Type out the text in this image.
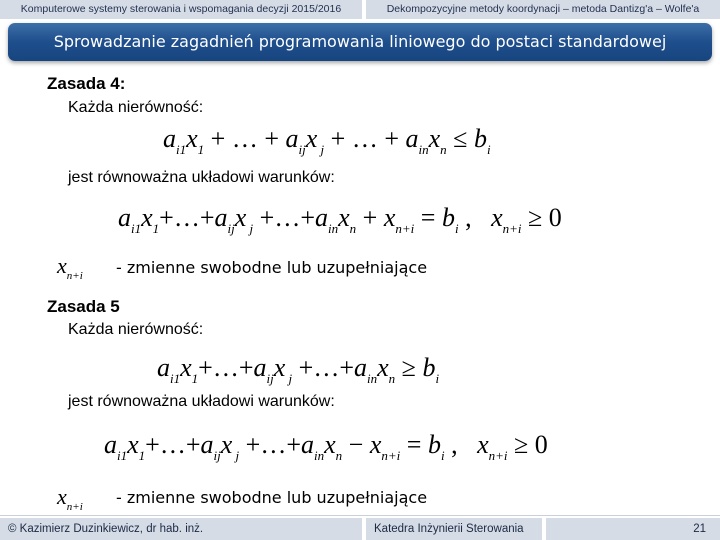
Komputerowe systemy sterowania i wspomagania decyzji 2015/2016	Dekompozycyjne metody koordynacji – metoda Dantizg'a – Wolfe'a
Sprowadzanie zagadnień programowania liniowego do postaci standardowej
Zasada 4:
Każda nierówność:
$a_{i1}x_1$ + … + $a_{ij}x$ $_j$ + … + $a_{in}x_n \le b_i$
jest równoważna układowi warunków:
$a_{i1}x_1+\dots+a_{ij}x$ $_j +\dots+a_{in}x_n + x_{n+i} = b_i$ ,   $x_{n+i} \ge 0$
$x_{n+i}$ - zmienne swobodne lub uzupełniające
Zasada 5
Każda nierówność:
$a_{i1}x_1+\dots+a_{ij}x$ $_j +\dots+a_{in}x_n \ge b_i$
jest równoważna układowi warunków:
$a_{i1}x_1+\dots+a_{ij}x$ $_j +\dots+a_{in}x_n - x_{n+i} = b_i$ ,   $x_{n+i} \ge 0$
$x_{n+i}$ - zmienne swobodne lub uzupełniające
© Kazimierz Duzinkiewicz, dr hab. inż.	Katedra Inżynierii Sterowania	21
